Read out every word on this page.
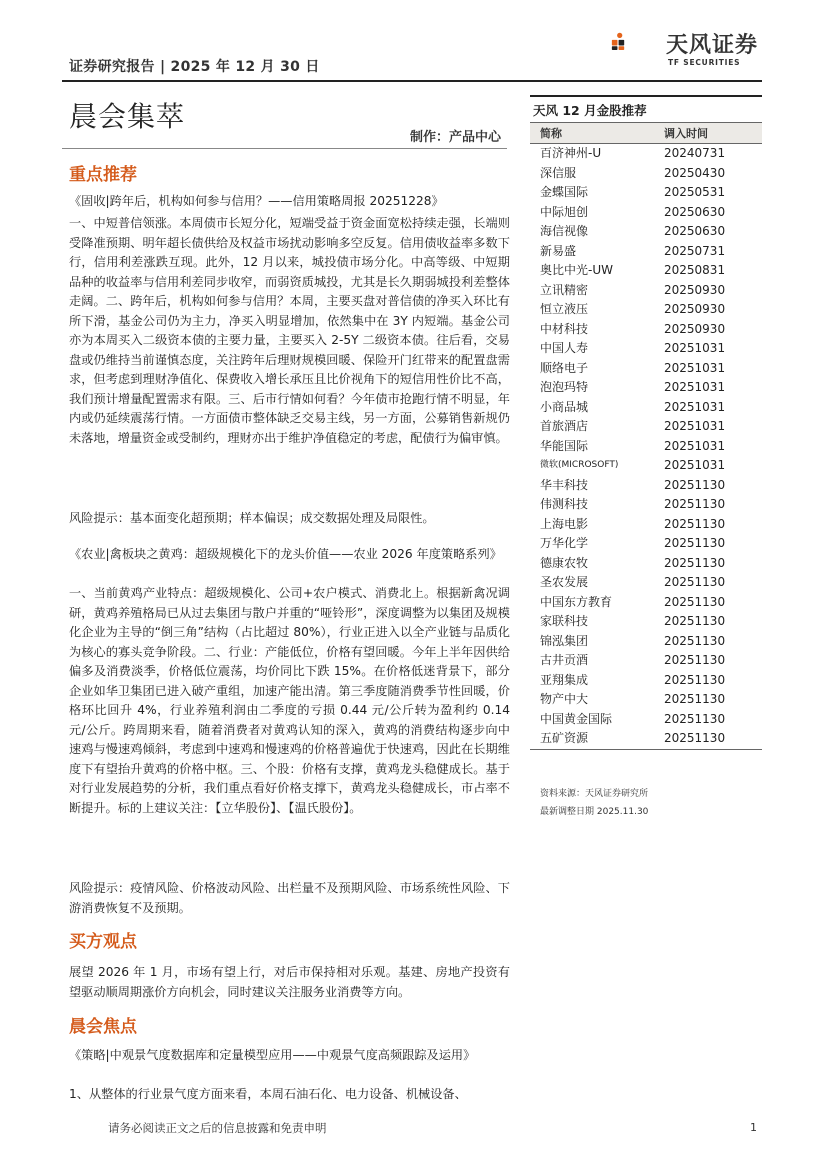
证券研究报告 | 2025 年 12 月 30 日
天风证券
TF SECURITIES
晨会集萃
制作：产品中心
重点推荐

《固收|跨年后，机构如何参与信用？——信用策略周报 20251228》

一、中短普信领涨。本周债市长短分化，短端受益于资金面宽松持续走强，长端则受降准预期、明年超长债供给及权益市场扰动影响多空反复。信用债收益率多数下行，信用利差涨跌互现。此外，12 月以来，城投债市场分化。中高等级、中短期品种的收益率与信用利差同步收窄，而弱资质城投，尤其是长久期弱城投利差整体走阔。二、跨年后，机构如何参与信用？本周，主要买盘对普信债的净买入环比有所下滑，基金公司仍为主力，净买入明显增加，依然集中在 3Y 内短端。基金公司亦为本周买入二级资本债的主要力量，主要买入 2-5Y 二级资本债。往后看，交易盘或仍维持当前谨慎态度，关注跨年后理财规模回暖、保险开门红带来的配置盘需求，但考虑到理财净值化、保费收入增长承压且比价视角下的短信用性价比不高，我们预计增量配置需求有限。三、后市行情如何看？今年债市抢跑行情不明显，年内或仍延续震荡行情。一方面债市整体缺乏交易主线，另一方面，公募销售新规仍未落地，增量资金或受制约，理财亦出于维护净值稳定的考虑，配债行为偏审慎。

风险提示：基本面变化超预期；样本偏误；成交数据处理及局限性。

《农业|禽板块之黄鸡：超级规模化下的龙头价值——农业 2026 年度策略系列》

一、当前黄鸡产业特点：超级规模化、公司+农户模式、消费北上。根据新禽况调研，黄鸡养殖格局已从过去集团与散户并重的“哑铃形”，深度调整为以集团及规模化企业为主导的“倒三角”结构（占比超过 80%），行业正进入以全产业链与品质化为核心的寡头竞争阶段。二、行业：产能低位，价格有望回暖。今年上半年因供给偏多及消费淡季，价格低位震荡，均价同比下跌 15%。在价格低迷背景下，部分企业如华卫集团已进入破产重组，加速产能出清。第三季度随消费季节性回暖，价格环比回升 4%，行业养殖利润由二季度的亏损 0.44 元/公斤转为盈利约 0.14 元/公斤。跨周期来看，随着消费者对黄鸡认知的深入，黄鸡的消费结构逐步向中速鸡与慢速鸡倾斜，考虑到中速鸡和慢速鸡的价格普遍优于快速鸡，因此在长期维度下有望抬升黄鸡的价格中枢。三、个股：价格有支撑，黄鸡龙头稳健成长。基于对行业发展趋势的分析，我们重点看好价格支撑下，黄鸡龙头稳健成长，市占率不断提升。标的上建议关注：【立华股份】、【温氏股份】。

风险提示：疫情风险、价格波动风险、出栏量不及预期风险、市场系统性风险、下游消费恢复不及预期。

买方观点

展望 2026 年 1 月，市场有望上行，对后市保持相对乐观。基建、房地产投资有望驱动顺周期涨价方向机会，同时建议关注服务业消费等方向。

晨会焦点

《策略|中观景气度数据库和定量模型应用——中观景气度高频跟踪及运用》

1、从整体的行业景气度方面来看，本周石油石化、电力设备、机械设备、

天风 12 月金股推荐
简称	调入时间
百济神州-U	20240731
深信服	20250430
金蝶国际	20250531
中际旭创	20250630
海信视像	20250630
新易盛	20250731
奥比中光-UW	20250831
立讯精密	20250930
恒立液压	20250930
中材科技	20250930
中国人寿	20251031
顺络电子	20251031
泡泡玛特	20251031
小商品城	20251031
首旅酒店	20251031
华能国际	20251031
微软(MICROSOFT)	20251031
华丰科技	20251130
伟测科技	20251130
上海电影	20251130
万华化学	20251130
德康农牧	20251130
圣农发展	20251130
中国东方教育	20251130
家联科技	20251130
锦泓集团	20251130
古井贡酒	20251130
亚翔集成	20251130
物产中大	20251130
中国黄金国际	20251130
五矿资源	20251130
资料来源：天风证券研究所
最新调整日期 2025.11.30
请务必阅读正文之后的信息披露和免责申明	1
